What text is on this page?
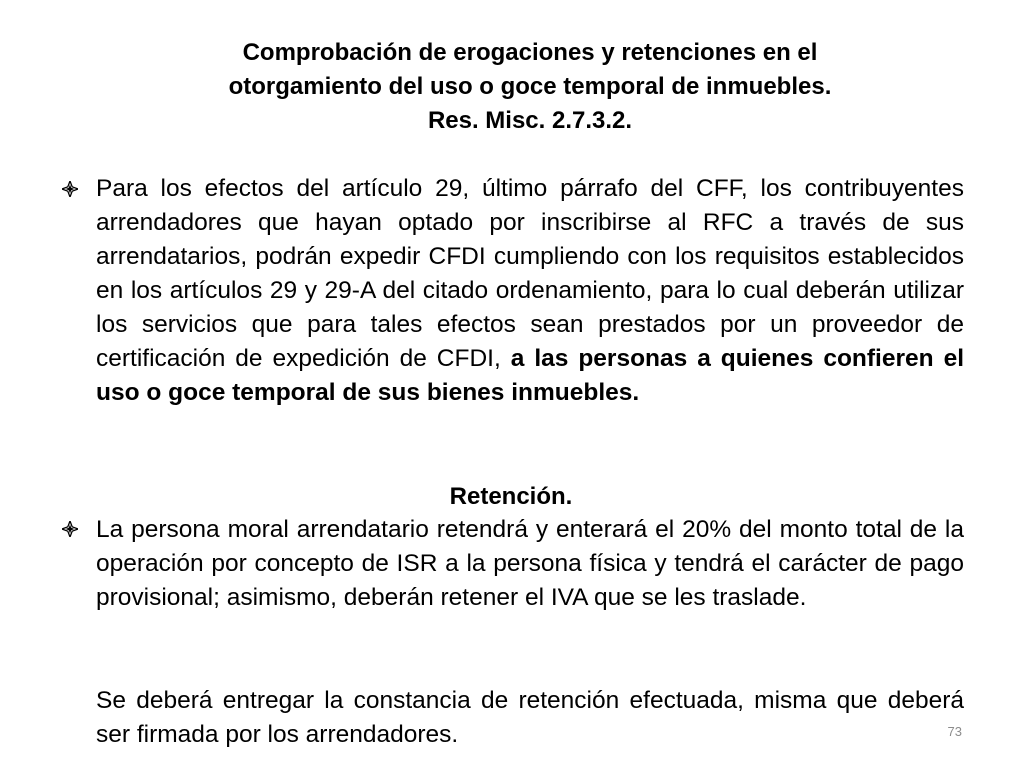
Comprobación de erogaciones y retenciones en el
otorgamiento del uso o goce temporal de inmuebles.
Res. Misc. 2.7.3.2.
Para los efectos del artículo 29, último párrafo del CFF, los contribuyentes arrendadores que hayan optado por inscribirse al RFC a través de sus arrendatarios, podrán expedir CFDI cumpliendo con los requisitos establecidos en los artículos 29 y 29-A del citado ordenamiento, para lo cual deberán utilizar los servicios que para tales efectos sean prestados por un proveedor de certificación de expedición de CFDI, a las personas a quienes confieren el uso o goce temporal de sus bienes inmuebles.
Retención.
La persona moral arrendatario retendrá y enterará el 20% del monto total de la operación por concepto de ISR a la persona física y tendrá el carácter de pago provisional; asimismo, deberán retener el IVA que se les traslade.
Se deberá entregar la constancia de retención efectuada, misma que deberá ser firmada por los arrendadores.	73
